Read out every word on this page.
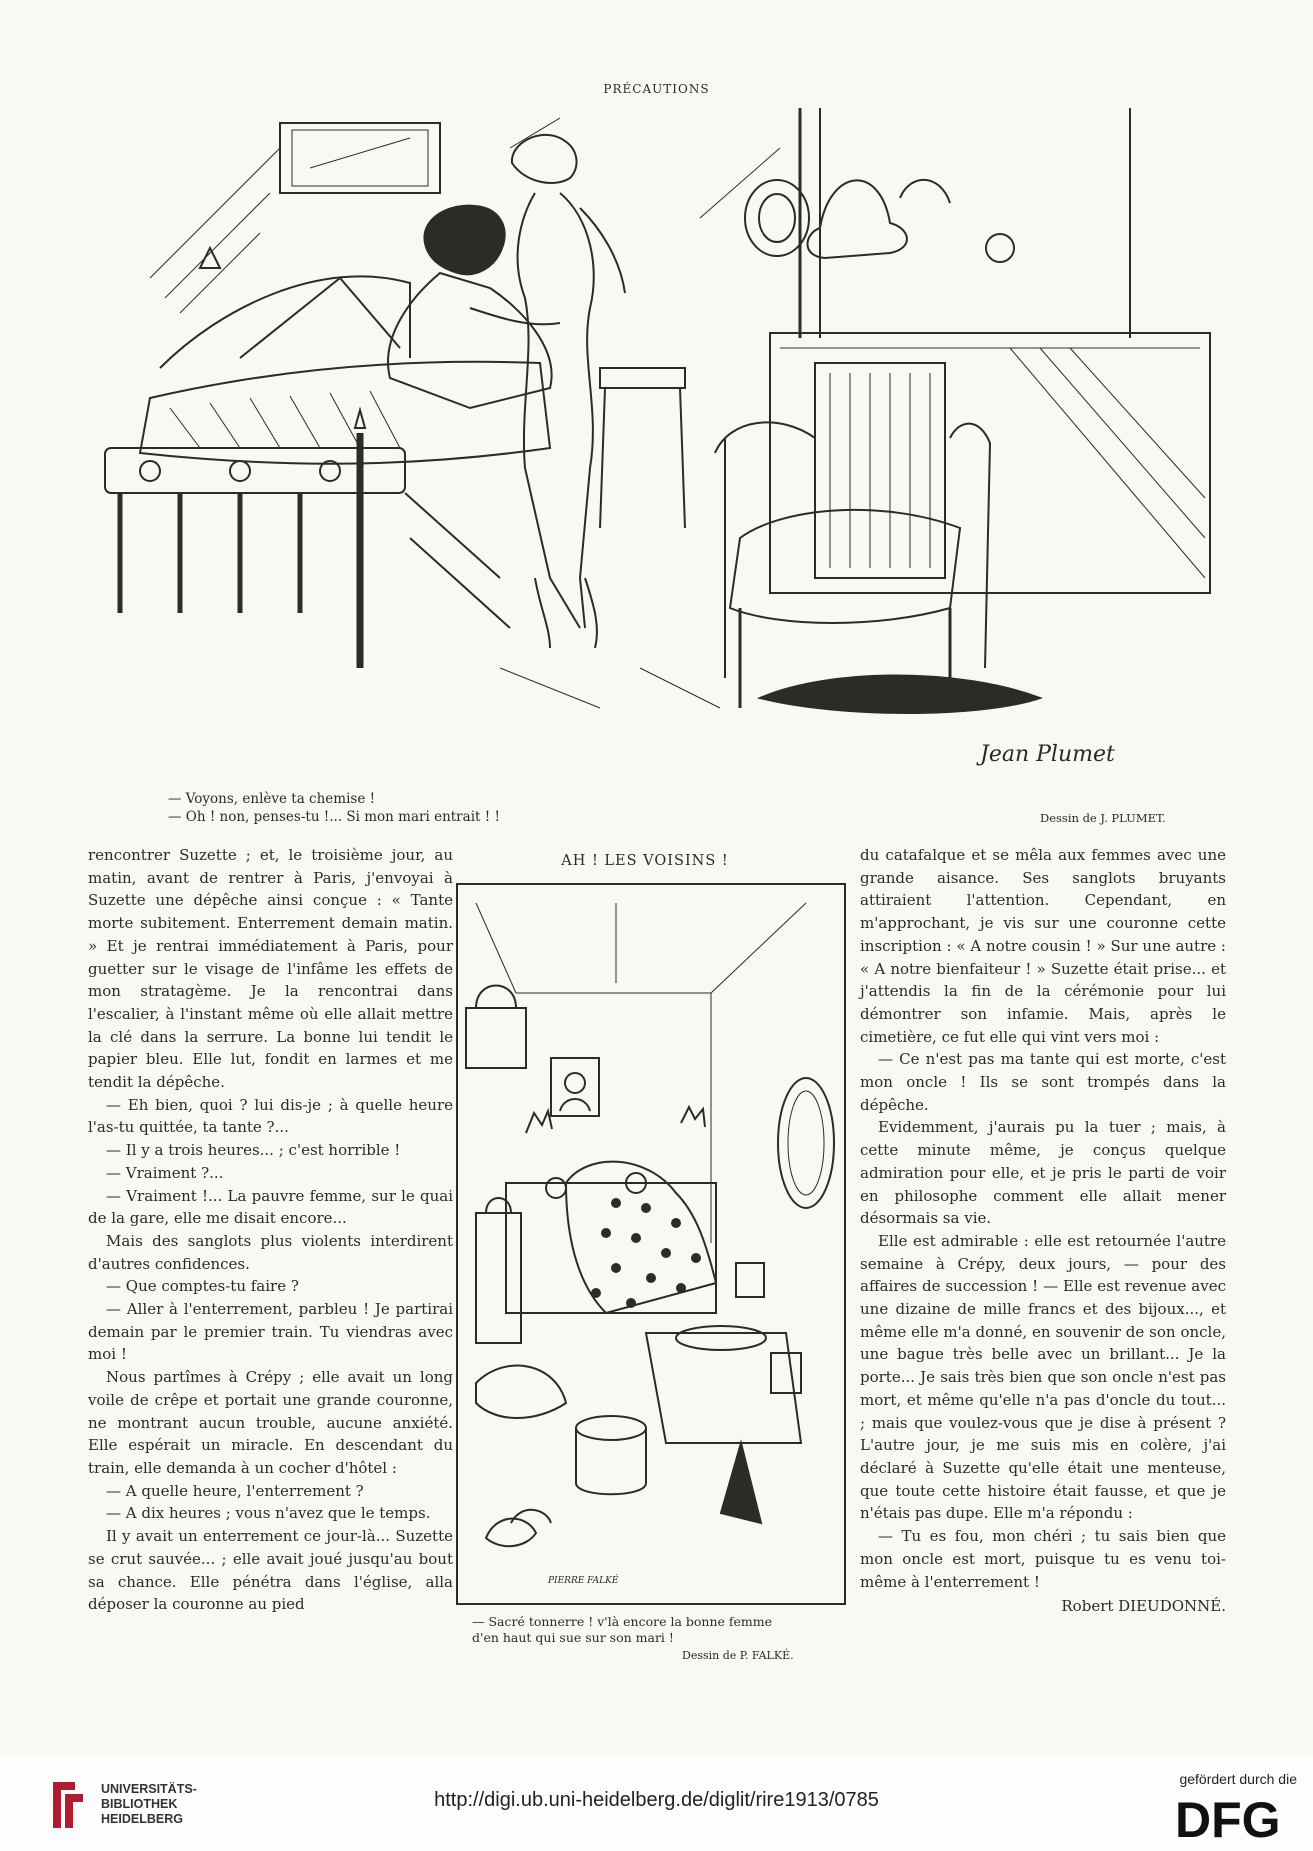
PRÉCAUTIONS
Jean Plumet
— Voyons, enlève ta chemise !
— Oh ! non, penses-tu !... Si mon mari entrait ! !	Dessin de J. PLUMET.

rencontrer Suzette ; et, le troisième jour, au matin, avant de rentrer à Paris, j'envoyai à Suzette une dépêche ainsi conçue : « Tante morte subitement. Enterrement demain matin. » Et je rentrai immédiatement à Paris, pour guetter sur le visage de l'infâme les effets de mon stratagème. Je la rencontrai dans l'escalier, à l'instant même où elle allait mettre la clé dans la serrure. La bonne lui tendit le papier bleu. Elle lut, fondit en larmes et me tendit la dépêche.

— Eh bien, quoi ? lui dis-je ; à quelle heure l'as-tu quittée, ta tante ?...

— Il y a trois heures... ; c'est horrible !

— Vraiment ?...

— Vraiment !... La pauvre femme, sur le quai de la gare, elle me disait encore...

Mais des sanglots plus violents interdirent d'autres confidences.

— Que comptes-tu faire ?

— Aller à l'enterrement, parbleu ! Je partirai demain par le premier train. Tu viendras avec moi !

Nous partîmes à Crépy ; elle avait un long voile de crêpe et portait une grande couronne, ne montrant aucun trouble, aucune anxiété. Elle espérait un miracle. En descendant du train, elle demanda à un cocher d'hôtel :

— A quelle heure, l'enterrement ?

— A dix heures ; vous n'avez que le temps.

Il y avait un enterrement ce jour-là... Suzette se crut sauvée... ; elle avait joué jusqu'au bout sa chance. Elle pénétra dans l'église, alla déposer la couronne au pied

AH ! LES VOISINS !
PIERRE FALKÉ
— Sacré tonnerre ! v'là encore la bonne femme
d'en haut qui sue sur son mari !
Dessin de P. FALKÉ.

du catafalque et se mêla aux femmes avec une grande aisance. Ses sanglots bruyants attiraient l'attention. Cependant, en m'approchant, je vis sur une couronne cette inscription : « A notre cousin ! » Sur une autre : « A notre bienfaiteur ! » Suzette était prise... et j'attendis la fin de la cérémonie pour lui démontrer son infamie. Mais, après le cimetière, ce fut elle qui vint vers moi :

— Ce n'est pas ma tante qui est morte, c'est mon oncle ! Ils se sont trompés dans la dépêche.

Evidemment, j'aurais pu la tuer ; mais, à cette minute même, je conçus quelque admiration pour elle, et je pris le parti de voir en philosophe comment elle allait mener désormais sa vie.

Elle est admirable : elle est retournée l'autre semaine à Crépy, deux jours, — pour des affaires de succession ! — Elle est revenue avec une dizaine de mille francs et des bijoux..., et même elle m'a donné, en souvenir de son oncle, une bague très belle avec un brillant... Je la porte... Je sais très bien que son oncle n'est pas mort, et même qu'elle n'a pas d'oncle du tout... ; mais que voulez-vous que je dise à présent ? L'autre jour, je me suis mis en colère, j'ai déclaré à Suzette qu'elle était une menteuse, que toute cette histoire était fausse, et que je n'étais pas dupe. Elle m'a répondu :

— Tu es fou, mon chéri ; tu sais bien que mon oncle est mort, puisque tu es venu toi-même à l'enterrement !

Robert DIEUDONNÉ.
UNIVERSITÄTS-
BIBLIOTHEK
HEIDELBERG
http://digi.ub.uni-heidelberg.de/diglit/rire1913/0785
gefördert durch die
DFG
